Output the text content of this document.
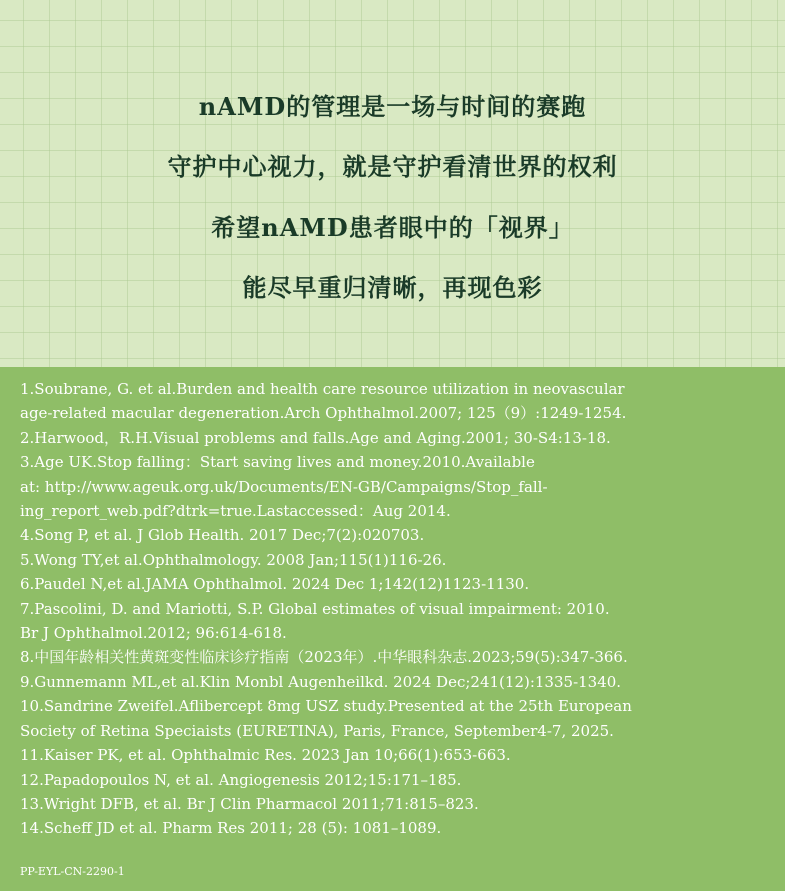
nAMD的管理是一场与时间的赛跑
守护中心视力，就是守护看清世界的权利
希望nAMD患者眼中的「视界」
能尽早重归清晰，再现色彩
1.Soubrane, G. et al.Burden and health care resource utilization in neovascular
age-related macular degeneration.Arch Ophthalmol.2007; 125（9）:1249-1254.
2.Harwood，R.H.Visual problems and falls.Age and Aging.2001; 30-S4:13-18.
3.Age UK.Stop falling：Start saving lives and money.2010.Available
at: http://www.ageuk.org.uk/Documents/EN-GB/Campaigns/Stop_fall-
ing_report_web.pdf?dtrk=true.Lastaccessed：Aug 2014.
4.Song P, et al. J Glob Health. 2017 Dec;7(2):020703.
5.Wong TY,et al.Ophthalmology. 2008 Jan;115(1)116-26.
6.Paudel N,et al.JAMA Ophthalmol. 2024 Dec 1;142(12)1123-1130.
7.Pascolini, D. and Mariotti, S.P. Global estimates of visual impairment: 2010.
Br J Ophthalmol.2012; 96:614-618.
8.中国年龄相关性黄斑变性临床诊疗指南（2023年）.中华眼科杂志.2023;59(5):347-366.
9.Gunnemann ML,et al.Klin Monbl Augenheilkd. 2024 Dec;241(12):1335-1340.
10.Sandrine Zweifel.Aflibercept 8mg USZ study.Presented at the 25th European
Society of Retina Speciaists (EURETINA), Paris, France, September4-7, 2025.
11.Kaiser PK, et al. Ophthalmic Res. 2023 Jan 10;66(1):653-663.
12.Papadopoulos N, et al. Angiogenesis 2012;15:171–185.
13.Wright DFB, et al. Br J Clin Pharmacol 2011;71:815–823.
14.Scheff JD et al. Pharm Res 2011; 28 (5): 1081–1089.
PP-EYL-CN-2290-1
